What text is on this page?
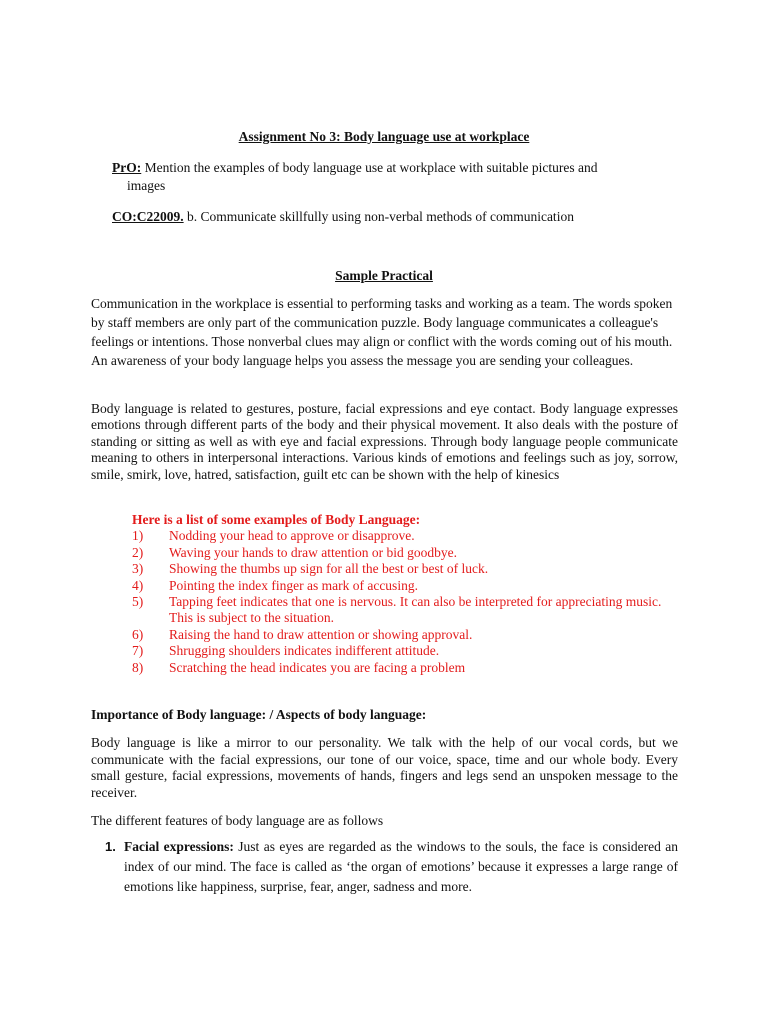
Assignment No 3: Body language use at workplace
PrO: Mention the examples of body language use at workplace with suitable pictures and
images
CO:C22009. b. Communicate skillfully using non-verbal methods of communication
Sample Practical
Communication in the workplace is essential to performing tasks and working as a team. The words spoken by staff members are only part of the communication puzzle. Body language communicates a colleague's feelings or intentions. Those nonverbal clues may align or conflict with the words coming out of his mouth. An awareness of your body language helps you assess the message you are sending your colleagues.
Body language is related to gestures, posture, facial expressions and eye contact. Body language expresses emotions through different parts of the body and their physical movement. It also deals with the posture of standing or sitting as well as with eye and facial expressions. Through body language people communicate meaning to others in interpersonal interactions. Various kinds of emotions and feelings such as joy, sorrow, smile, smirk, love, hatred, satisfaction, guilt etc can be shown with the help of kinesics
Here is a list of some examples of Body Language:
1)	Nodding your head to approve or disapprove.
2)	Waving your hands to draw attention or bid goodbye.
3)	Showing the thumbs up sign for all the best or best of luck.
4)	Pointing the index finger as mark of accusing.
5)	Tapping feet indicates that one is nervous. It can also be interpreted for appreciating music. This is subject to the situation.
6)	Raising the hand to draw attention or showing approval.
7)	Shrugging shoulders indicates indifferent attitude.
8)	Scratching the head indicates you are facing a problem
Importance of Body language: / Aspects of body language:
Body language is like a mirror to our personality. We talk with the help of our vocal cords, but we communicate with the facial expressions, our tone of our voice, space, time and our whole body. Every small gesture, facial expressions, movements of hands, fingers and legs send an unspoken message to the receiver.
The different features of body language are as follows
1. Facial expressions: Just as eyes are regarded as the windows to the souls, the face is considered an index of our mind. The face is called as ‘the organ of emotions’ because it expresses a large range of emotions like happiness, surprise, fear, anger, sadness and more.
